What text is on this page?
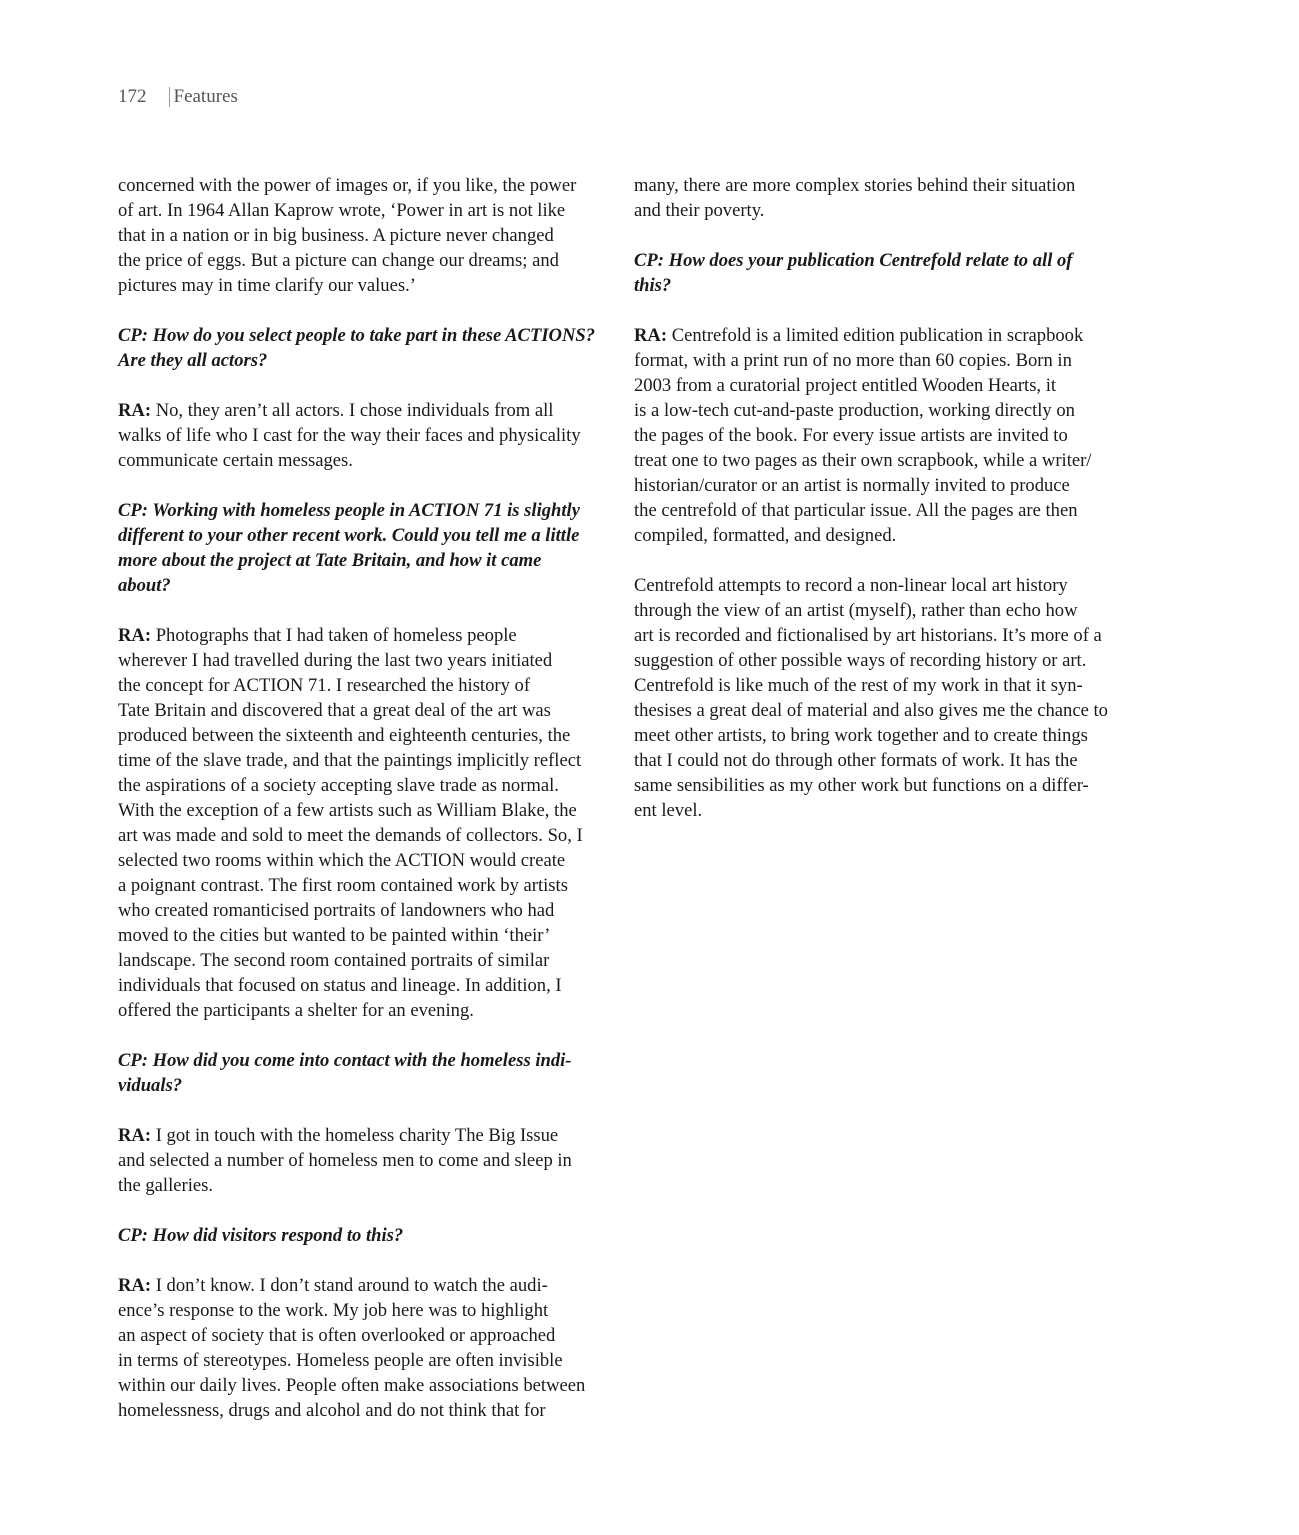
172 Features
concerned with the power of images or, if you like, the power
of art. In 1964 Allan Kaprow wrote, ‘Power in art is not like
that in a nation or in big business. A picture never changed
the price of eggs. But a picture can change our dreams; and
pictures may in time clarify our values.’
CP: How do you select people to take part in these ACTIONS?
Are they all actors?
RA: No, they aren’t all actors. I chose individuals from all
walks of life who I cast for the way their faces and physicality
communicate certain messages.
CP: Working with homeless people in ACTION 71 is slightly
different to your other recent work. Could you tell me a little
more about the project at Tate Britain, and how it came
about?
RA: Photographs that I had taken of homeless people
wherever I had travelled during the last two years initiated
the concept for ACTION 71. I researched the history of
Tate Britain and discovered that a great deal of the art was
produced between the sixteenth and eighteenth centuries, the
time of the slave trade, and that the paintings implicitly reflect
the aspirations of a society accepting slave trade as normal.
With the exception of a few artists such as William Blake, the
art was made and sold to meet the demands of collectors. So, I
selected two rooms within which the ACTION would create
a poignant contrast. The first room contained work by artists
who created romanticised portraits of landowners who had
moved to the cities but wanted to be painted within ‘their’
landscape. The second room contained portraits of similar
individuals that focused on status and lineage. In addition, I
offered the participants a shelter for an evening.
CP: How did you come into contact with the homeless indi-
viduals?
RA: I got in touch with the homeless charity The Big Issue
and selected a number of homeless men to come and sleep in
the galleries.
CP: How did visitors respond to this?
RA: I don’t know. I don’t stand around to watch the audi-
ence’s response to the work. My job here was to highlight
an aspect of society that is often overlooked or approached
in terms of stereotypes. Homeless people are often invisible
within our daily lives. People often make associations between
homelessness, drugs and alcohol and do not think that for
many, there are more complex stories behind their situation
and their poverty.
CP: How does your publication Centrefold relate to all of
this?
RA: Centrefold is a limited edition publication in scrapbook
format, with a print run of no more than 60 copies. Born in
2003 from a curatorial project entitled Wooden Hearts, it
is a low-tech cut-and-paste production, working directly on
the pages of the book. For every issue artists are invited to
treat one to two pages as their own scrapbook, while a writer/
historian/curator or an artist is normally invited to produce
the centrefold of that particular issue. All the pages are then
compiled, formatted, and designed.
Centrefold attempts to record a non-linear local art history
through the view of an artist (myself), rather than echo how
art is recorded and fictionalised by art historians. It’s more of a
suggestion of other possible ways of recording history or art.
Centrefold is like much of the rest of my work in that it syn-
thesises a great deal of material and also gives me the chance to
meet other artists, to bring work together and to create things
that I could not do through other formats of work. It has the
same sensibilities as my other work but functions on a differ-
ent level.
